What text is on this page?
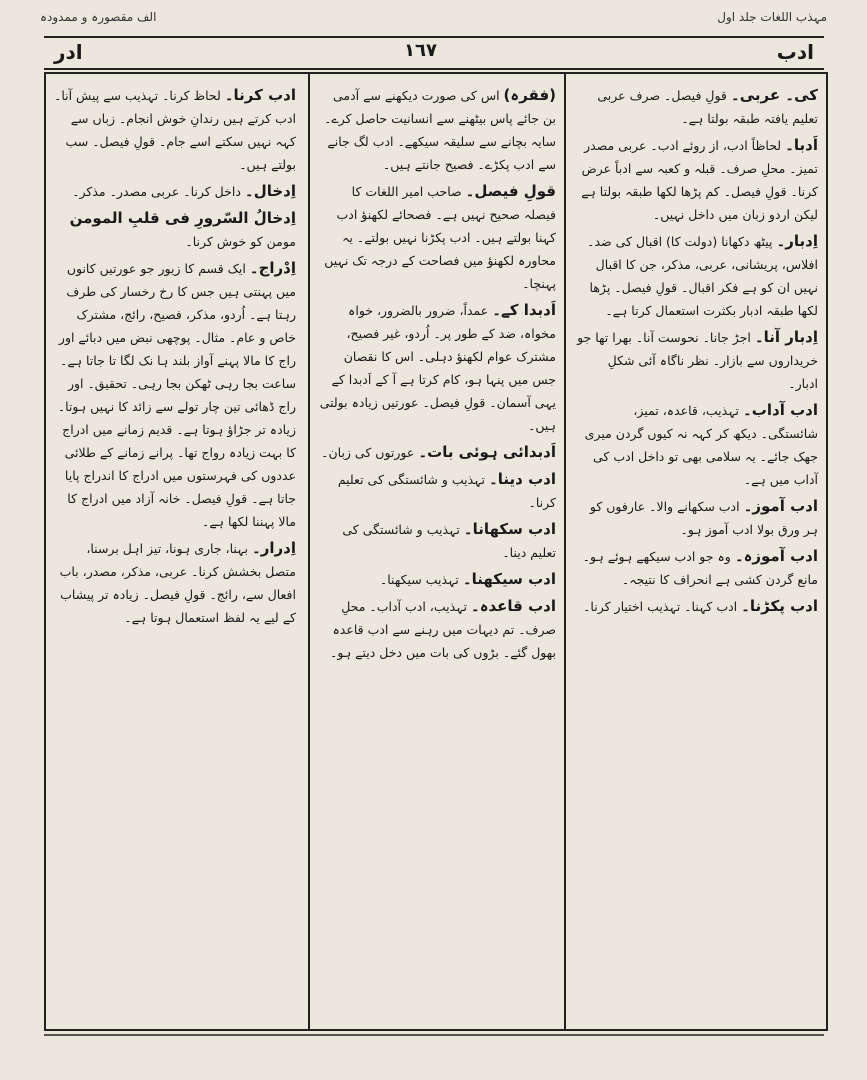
الف مقصورہ و ممدودہ	مہذب اللغات جلد اول
ادر	١٦٧	ادب
ادب کرنا۔ لحاظ کرنا۔ تہذیب سے پیش آنا۔ ادب کرتے ہیں رندانِ خوش انجام۔ زباں سے کہہ نہیں سکتے اسے جام۔ قولِ فیصل۔ سب بولتے ہیں۔
اِدخال۔ داخل کرنا۔ عربی مصدر۔ مذکر۔
اِدخالُ السّرورِ فی قلبِ المومن مومن کو خوش کرنا۔
اِدْراج۔ ایک قسم کا زیور جو عورتیں کانوں میں پہنتی ہیں جس کا رخ رخسار کی طرف رہتا ہے۔ اُردو، مذکر، فصیح، رائج، مشترک خاص و عام۔ مثال۔ پوچھی نبض میں دبائے اور راج کا مالا پہنے آواز بلند ہا نک لگا تا جاتا ہے۔ ساعت بجا رہی ٹھکن بجا رہی۔ تحقیق۔ اور راج ڈھائی تین چار تولے سے زائد کا نہیں ہوتا۔ زیادہ تر جڑاؤ ہوتا ہے۔ قدیم زمانے میں ادراج کا بہت زیادہ رواج تھا۔ پرانے زمانے کے طلائی عددوں کی فہرستوں میں ادراج کا اندراج پایا جاتا ہے۔ قولِ فیصل۔ خانہ آزاد میں ادراج کا مالا پہننا لکھا ہے۔
اِدرار۔ بہنا، جاری ہونا، تیز اہل برسنا، متصل بخشش کرنا۔ عربی، مذکر، مصدر، باب افعال سے، رائج۔ قولِ فیصل۔ زیادہ تر پیشاب کے لیے یہ لفظ استعمال ہوتا ہے۔
(فقرہ) اس کی صورت دیکھنے سے آدمی بن جائے پاس بیٹھنے سے انسانیت حاصل کرے۔ سایہ بچانے سے سلیقہ سیکھے۔ ادب لگ جانے سے ادب پکڑے۔ فصیح جانتے ہیں۔
قولِ فیصل۔ صاحب امیر اللغات کا فیصلہ صحیح نہیں ہے۔ فصحائے لکھنؤ ادب کہنا بولتے ہیں۔ ادب پکڑنا نہیں بولتے۔ یہ محاورہ لکھنؤ میں فصاحت کے درجہ تک نہیں پہنچا۔
اَدبدا کے۔ عمداً، ضرور بالضرور، خواہ مخواہ، ضد کے طور پر۔ اُردو، غیر فصیح، مشترک عوام لکھنؤ دہلی۔ اس کا نقصان جس میں پنہا ہو، کام کرتا ہے آ کے اَدبدا کے یہی آسمان۔ قولِ فیصل۔ عورتیں زیادہ بولتی ہیں۔
اَدبدائی ہوئی بات۔ عورتوں کی زبان۔
ادب دینا۔ تہذیب و شائستگی کی تعلیم کرنا۔
ادب سکھانا۔ تہذیب و شائستگی کی تعلیم دینا۔
ادب سیکھنا۔ تہذیب سیکھنا۔
ادب قاعدہ۔ تہذیب، ادب آداب۔ محلِ صرف۔ تم دیہات میں رہنے سے ادب قاعدہ بھول گئے۔ بڑوں کی بات میں دخل دیتے ہو۔
کی۔ عربی۔ قولِ فیصل۔ صرف عربی تعلیم یافتہ طبقہ بولتا ہے۔
اَدبا۔ لحاظاً ادب، از روئے ادب۔ عربی مصدر تمیز۔ محلِ صرف۔ قبلہ و کعبہ سے ادباً عرض کرنا۔ قولِ فیصل۔ کم پڑھا لکھا طبقہ بولتا ہے لیکن اردو زبان میں داخل نہیں۔
اِدبار۔ پیٹھ دکھانا (دولت کا) اقبال کی ضد۔ افلاس، پریشانی، عربی، مذکر، جن کا اقبال نہیں ان کو ہے فکر اقبال۔ قولِ فیصل۔ پڑھا لکھا طبقہ ادبار بکثرت استعمال کرتا ہے۔
اِدبار آنا۔ اجڑ جانا۔ نحوست آنا۔ بھرا تھا جو خریداروں سے بازار۔ نظر ناگاہ آئی شکلِ ادبار۔
ادب آداب۔ تہذیب، قاعدہ، تمیز، شائستگی۔ دیکھ کر کہہ نہ کیوں گردن میری جھک جائے۔ یہ سلامی بھی تو داخل ادب کی آداب میں ہے۔
ادب آموز۔ ادب سکھانے والا۔ عارفوں کو ہر ورق بولا ادب آموز ہو۔
ادب آموزہ۔ وہ جو ادب سیکھے ہوئے ہو۔ مانع گردن کشی ہے انحراف کا نتیجہ۔
ادب پکڑنا۔ ادب کہنا۔ تہذیب اختیار کرنا۔
